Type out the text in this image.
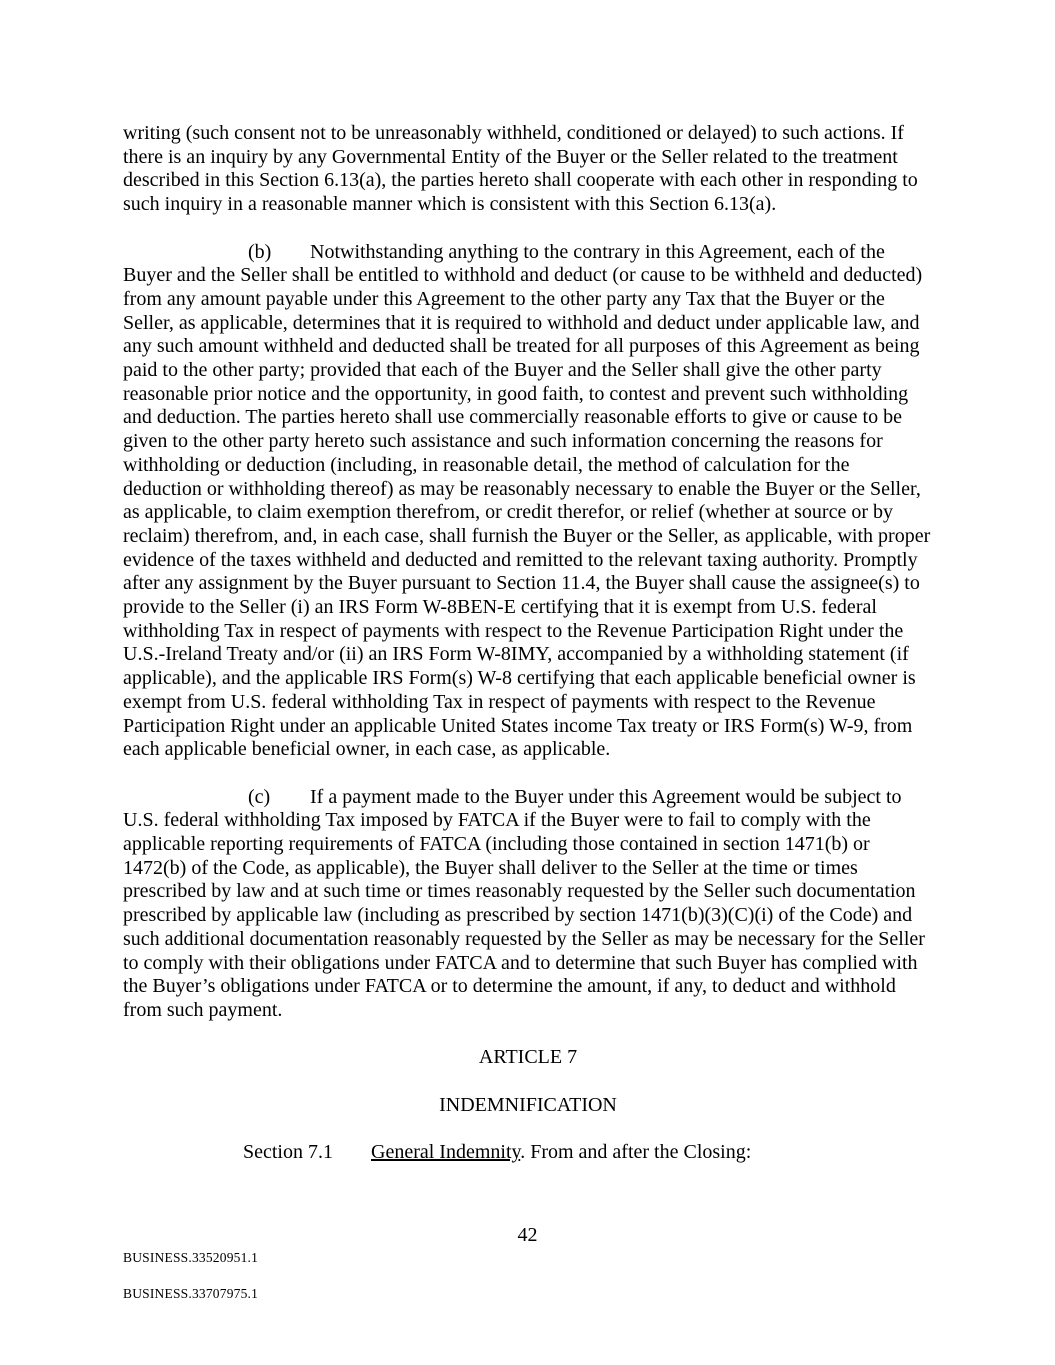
writing (such consent not to be unreasonably withheld, conditioned or delayed) to such actions. If there is an inquiry by any Governmental Entity of the Buyer or the Seller related to the treatment described in this Section 6.13(a), the parties hereto shall cooperate with each other in responding to such inquiry in a reasonable manner which is consistent with this Section 6.13(a).

(b) Notwithstanding anything to the contrary in this Agreement, each of the Buyer and the Seller shall be entitled to withhold and deduct (or cause to be withheld and deducted) from any amount payable under this Agreement to the other party any Tax that the Buyer or the Seller, as applicable, determines that it is required to withhold and deduct under applicable law, and any such amount withheld and deducted shall be treated for all purposes of this Agreement as being paid to the other party; provided that each of the Buyer and the Seller shall give the other party reasonable prior notice and the opportunity, in good faith, to contest and prevent such withholding and deduction. The parties hereto shall use commercially reasonable efforts to give or cause to be given to the other party hereto such assistance and such information concerning the reasons for withholding or deduction (including, in reasonable detail, the method of calculation for the deduction or withholding thereof) as may be reasonably necessary to enable the Buyer or the Seller, as applicable, to claim exemption therefrom, or credit therefor, or relief (whether at source or by reclaim) therefrom, and, in each case, shall furnish the Buyer or the Seller, as applicable, with proper evidence of the taxes withheld and deducted and remitted to the relevant taxing authority. Promptly after any assignment by the Buyer pursuant to Section 11.4, the Buyer shall cause the assignee(s) to provide to the Seller (i) an IRS Form W-8BEN-E certifying that it is exempt from U.S. federal withholding Tax in respect of payments with respect to the Revenue Participation Right under the U.S.-Ireland Treaty and/or (ii) an IRS Form W-8IMY, accompanied by a withholding statement (if applicable), and the applicable IRS Form(s) W-8 certifying that each applicable beneficial owner is exempt from U.S. federal withholding Tax in respect of payments with respect to the Revenue Participation Right under an applicable United States income Tax treaty or IRS Form(s) W-9, from each applicable beneficial owner, in each case, as applicable.

(c) If a payment made to the Buyer under this Agreement would be subject to U.S. federal withholding Tax imposed by FATCA if the Buyer were to fail to comply with the applicable reporting requirements of FATCA (including those contained in section 1471(b) or 1472(b) of the Code, as applicable), the Buyer shall deliver to the Seller at the time or times prescribed by law and at such time or times reasonably requested by the Seller such documentation prescribed by applicable law (including as prescribed by section 1471(b)(3)(C)(i) of the Code) and such additional documentation reasonably requested by the Seller as may be necessary for the Seller to comply with their obligations under FATCA and to determine that such Buyer has complied with the Buyer’s obligations under FATCA or to determine the amount, if any, to deduct and withhold from such payment.

ARTICLE 7
INDEMNIFICATION

Section 7.1 General Indemnity. From and after the Closing:

42
BUSINESS.33520951.1
BUSINESS.33707975.1
